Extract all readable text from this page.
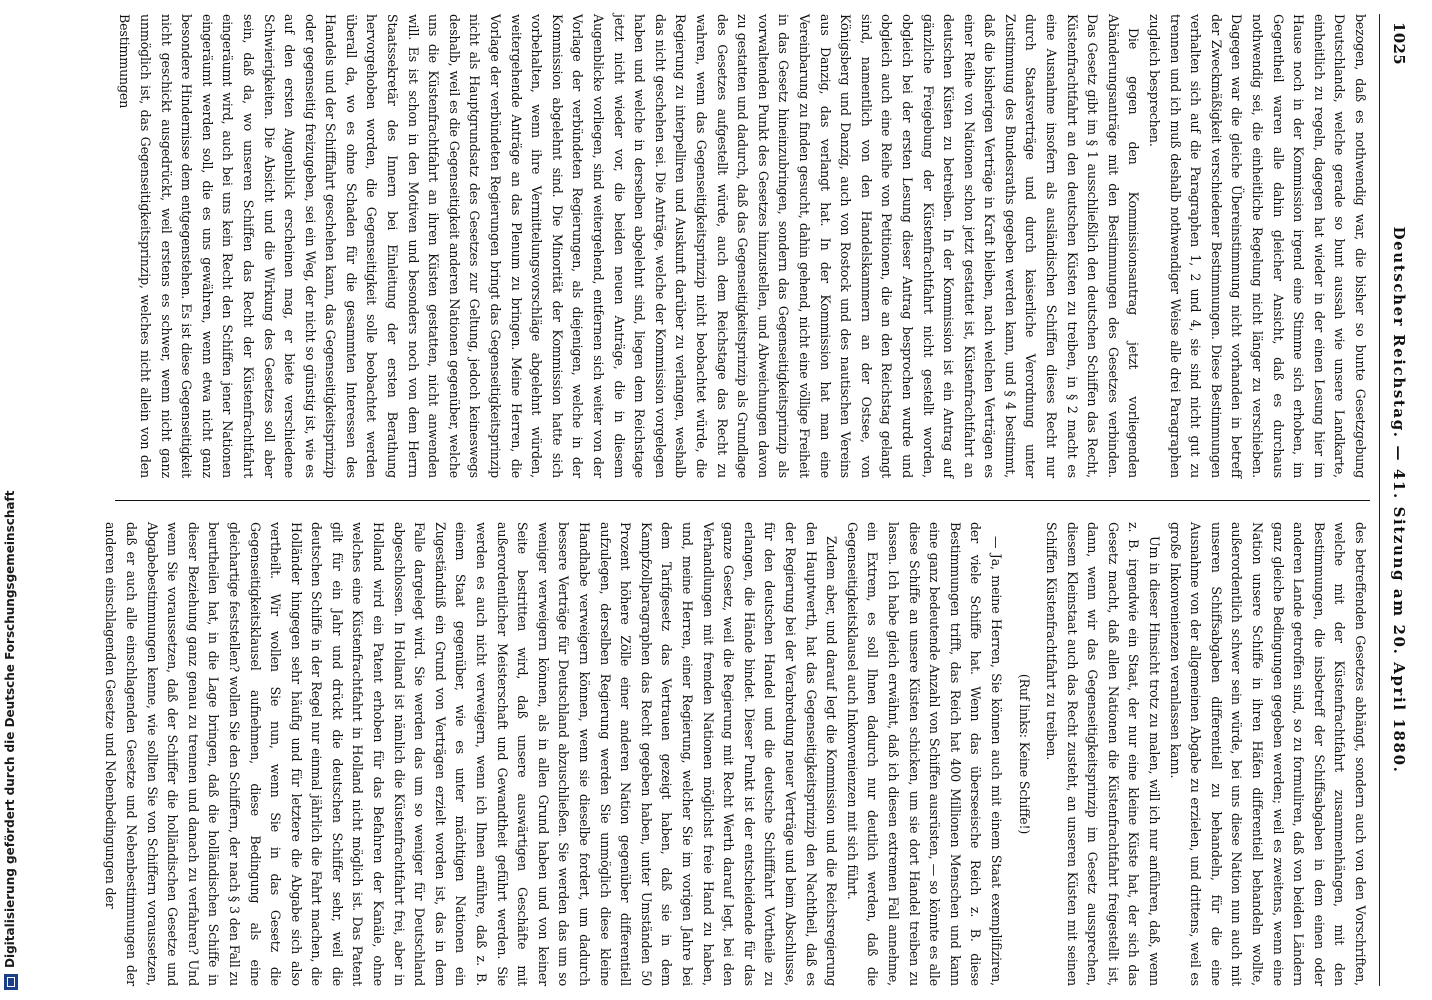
Digitalisierung gefördert durch die Deutsche Forschungsgemeinschaft	Deutscher Reichstag. — 41. Sitzung am 20. April 1880.
1025

bezogen, daß es nothwendig war, die bisher so bunte Gesetzgebung Deutschlands, welche gerade so bunt aussah wie unsere Landkarte, einheitlich zu regeln, dagegen hat wieder in der einen Lesung hier im Hause noch in der Kommission irgend eine Stimme sich erhoben, im Gegentheil waren alle dahin gleicher Ansicht, daß es durchaus nothwendig sei, die einheitliche Regelung nicht länger zu verschieben. Dagegen war die gleiche Übereinstimmung nicht vorhanden in betreff der Zweckmäßigkeit verschiedener Bestimmungen. Diese Bestimmungen verhalten sich auf die Paragraphen 1, 2 und 4, sie sind nicht gut zu trennen und ich muß deshalb nothwendiger Weise alle drei Paragraphen zugleich besprechen.

Die gegen den Kommissionsantrag jetzt vorliegenden Abänderungsanträge mit den Bestimmungen des Gesetzes verbinden. Das Gesetz gibt im § 1 ausschließlich den deutschen Schiffen das Recht, Küstenfrachtfahrt an den deutschen Küsten zu treiben, in § 2 macht es eine Ausnahme insofern als ausländischen Schiffen dieses Recht nur durch Staatsverträge und durch kaiserliche Verordnung unter Zustimmung des Bundesraths gegeben werden kann, und § 4 bestimmt, daß die bisherigen Verträge in Kraft bleiben, nach welchen Verträgen es einer Reihe von Nationen schon jetzt gestattet ist, Küstenfrachtfahrt an deutschen Küsten zu betreiben. In der Kommission ist ein Antrag auf gänzliche Freigebung der Küstenfrachtfahrt nicht gestellt worden, obgleich bei der ersten Lesung dieser Antrag besprochen wurde und obgleich auch eine Reihe von Petitionen, die an den Reichstag gelangt sind, namentlich von den Handelskammern an der Ostsee, von Königsberg und Danzig, auch von Rostock und des nautischen Vereins aus Danzig, das verlangt hat. In der Kommission hat man eine Vereinbarung zu finden gesucht, dahin gehend, nicht eine völlige Freiheit in das Gesetz hineinzubringen, sondern das Gegenseitigkeitsprinzip als vorwaltenden Punkt des Gesetzes hinzustellen, und Abweichungen davon zu gestatten und dadurch, daß das Gegenseitigkeitsprinzip als Grundlage des Gesetzes aufgestellt würde, auch dem Reichstage das Recht zu wahren, wenn das Gegenseitigkeitsprinzip nicht beobachtet würde, die Regierung zu interpelliren und Auskunft darüber zu verlangen, weshalb das nicht geschehen sei. Die Anträge, welche der Kommission vorgelegen haben und welche in derselben abgelehnt sind, liegen dem Reichstage jetzt nicht wieder vor, die beiden neuen Anträge, die in diesem Augenblicke vorliegen, sind weitergehend, entfernen sich weiter von der Vorlage der verbündeten Regierungen, als diejenigen, welche in der Kommission abgelehnt sind. Die Minorität der Kommission hatte sich vorbehalten, wenn ihre Vermittelungsvorschläge abgelehnt würden, weitergehende Anträge an das Plenum zu bringen. Meine Herren, die Vorlage der verbündeten Regierungen bringt das Gegenseitigkeitsprinzip nicht als Hauptgrundsatz des Gesetzes zur Geltung, jedoch keineswegs deshalb, weil es die Gegenseitigkeit anderen Nationen gegenüber, welche uns die Küstenfrachtfahrt an ihren Küsten gestatten, nicht anwenden will. Es ist schon in den Motiven und besonders noch von dem Herrn Staatssekretär des Innern bei Einleitung der ersten Berathung hervorgehoben worden, die Gegenseitigkeit solle beobachtet werden überall da, wo es ohne Schaden für die gesammten Interessen des Handels und der Schifffahrt geschehen kann, das Gegenseitigkeitsprinzip oder gegenseitig freizugeben, sei ein Weg, der nicht so günstig ist, wie es auf den ersten Augenblick erscheinen mag, er biete verschiedene Schwierigkeiten. Die Absicht und die Wirkung des Gesetzes soll aber sein, daß da, wo unseren Schiffen das Recht der Küstenfrachtfahrt eingeräumt wird, auch bei uns kein Recht den Schiffen jener Nationen eingeräumt werden soll, die es uns gewähren, wenn etwa nicht ganz besondere Hindernisse dem entgegenstehen. Es ist diese Gegenseitigkeit nicht geschickt ausgedrückt, weil erstens es schwer, wenn nicht ganz unmöglich ist, das Gegenseitigkeitsprinzip, welches nicht allein von den Bestimmungen

des betreffenden Gesetzes abhängt, sondern auch von den Vorschriften, welche mit der Küstenfrachtfahrt zusammenhängen, mit den Bestimmungen, die insbetreff der Schiffsabgaben in dem einen oder anderen Lande getroffen sind, so zu formuliren, daß von beiden Ländern ganz gleiche Bedingungen gegeben werden; weil es zweitens, wenn eine Nation unsere Schiffe in ihren Häfen differentiell behandeln wollte, außerordentlich schwer sein würde, bei uns diese Nation nun auch mit unseren Schiffsabgaben differentiell zu behandeln, für die eine Ausnahme von der allgemeinen Abgabe zu erzielen, und drittens, weil es große Inkonvenienzen veranlassen kann.

Um in dieser Hinsicht trotz zu malen, will ich nur anführen, daß, wenn z. B. irgendwie ein Staat, der nur eine kleine Küste hat, der sich das Gesetz macht, daß allen Nationen die Küstenfrachtfahrt freigestellt ist, dann, wenn wir das Gegenseitigkeitsprinzip im Gesetz aussprechen, diesem Kleinstaat auch das Recht zusteht, an unseren Küsten mit seinen Schiffen Küstenfrachtfahrt zu treiben.

(Ruf links: Keine Schiffe!)

— Ja, meine Herren, Sie können auch mit einem Staat exemplifiziren, der viele Schiffe hat. Wenn das überseeische Reich z. B. diese Bestimmungen trifft, das Reich hat 400 Millionen Menschen und kann eine ganz bedeutende Anzahl von Schiffen ausrüsten, — so könnte es alle diese Schiffe an unsere Küsten schicken, um sie dort Handel treiben zu lassen. Ich habe gleich erwähnt, daß ich diesen extremen Fall annehme, ein Extrem, es soll Ihnen dadurch nur deutlich werden, daß die Gegenseitigkeitsklausel auch Inkonvenienzen mit sich führt.

Zudem aber, und darauf legt die Kommission und die Reichsregierung den Hauptwerth, hat das Gegenseitigkeitsprinzip den Nachtheil, daß es der Regierung bei der Verabredung neuer Verträge und beim Abschlusse, für den deutschen Handel und die deutsche Schifffahrt Vortheile zu erlangen, die Hände bindet. Dieser Punkt ist der entscheidende für das ganze Gesetz, weil die Regierung mit Recht Werth darauf legt, bei den Verhandlungen mit fremden Nationen möglichst freie Hand zu haben, und, meine Herren, einer Regierung, welcher Sie im vorigen Jahre bei dem Tarifgesetz das Vertrauen gezeigt haben, daß sie in dem Kampfzollparagraphen das Recht gegeben haben, unter Umständen 50 Prozent höhere Zölle einer anderen Nation gegenüber differentiell aufzulegen, derselben Regierung werden Sie unmöglich diese kleine Handhabe verweigern können, wenn sie dieselbe fordert, um dadurch bessere Verträge für Deutschland abzuschließen. Sie werden das um so weniger verweigern können, als in allen Grund haben und von keiner Seite bestritten wird, daß unsere auswärtigen Geschäfte mit außerordentlicher Meisterschaft und Gewandtheit geführt werden. Sie werden es auch nicht verweigern, wenn ich Ihnen anführe, daß z. B. einem Staat gegenüber, wie es unter mächtigen Nationen ein Zugeständniß ein Grund von Verträgen erzielt worden ist, das in dem Falle dargelegt wird. Sie werden das um so weniger für Deutschland abgeschlossen. In Holland ist nämlich die Küstenfrachtfahrt frei, aber in Holland wird ein Patent erhoben für das Befahren der Kanäle, ohne welches eine Küstenfrachtfahrt in Holland nicht möglich ist. Das Patent gilt für ein Jahr und drückt die deutschen Schiffer sehr, weil die deutschen Schiffe in der Regel nur einmal jährlich die Fahrt machen, die Holländer hingegen sehr häufig und für letztere die Abgabe sich also vertheilt. Wir wollen Sie nun, wenn Sie in das Gesetz die Gegenseitigkeitsklausel aufnehmen, diese Bedingung als eine gleichartige feststellen? wollen Sie den Schiffern, der nach § 3 den Fall zu beurtheilen hat, in die Lage bringen, daß die holländischen Schiffe in dieser Beziehung ganz genau zu trennen und danach zu verfahren? Und wenn Sie voraussetzen, daß der Schiffer die holländischen Gesetze und Abgabebestimmungen kenne, wie sollten Sie von Schiffern voraussetzen, daß er auch alle einschlagenden Gesetze und Nebenbestimmungen der anderen einschlagenden Gesetze und Nebenbedingungen der
